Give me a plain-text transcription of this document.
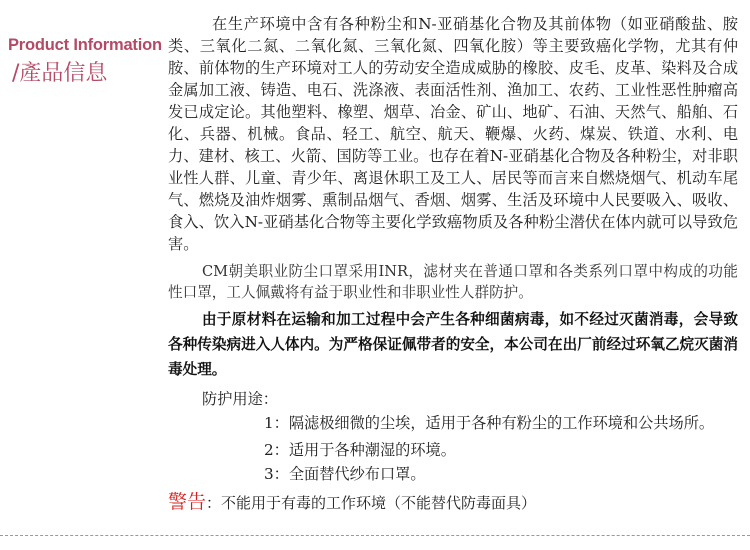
Product Information
/產品信息

在生产环境中含有各种粉尘和N-亚硝基化合物及其前体物（如亚硝酸盐、胺类、三氧化二氮、二氧化氮、三氧化氮、四氧化胺）等主要致癌化学物，尤其有仲胺、前体物的生产环境对工人的劳动安全造成威胁的橡胶、皮毛、皮革、染料及合成金属加工液、铸造、电石、洗涤液、表面活性剂、渔加工、农药、工业性恶性肿瘤高发已成定论。其他塑料、橡塑、烟草、冶金、矿山、地矿、石油、天然气、船舶、石化、兵器、机械。食品、轻工、航空、航天、鞭爆、火药、煤炭、铁道、水利、电力、建材、核工、火箭、国防等工业。也存在着N-亚硝基化合物及各种粉尘，对非职业性人群、儿童、青少年、离退休职工及工人、居民等而言来自燃烧烟气、机动车尾气、燃烧及油炸烟雾、熏制品烟气、香烟、烟雾、生活及环境中人民要吸入、吸收、食入、饮入N-亚硝基化合物等主要化学致癌物质及各种粉尘潜伏在体内就可以导致危害。

CM朝美职业防尘口罩采用INR，滤材夹在普通口罩和各类系列口罩中构成的功能性口罩，工人佩戴将有益于职业性和非职业性人群防护。

由于原材料在运输和加工过程中会产生各种细菌病毒，如不经过灭菌消毒，会导致各种传染病进入人体内。为严格保证佩带者的安全，本公司在出厂前经过环氧乙烷灭菌消毒处理。

防护用途：
1：隔滤极细微的尘埃，适用于各种有粉尘的工作环境和公共场所。
2：适用于各种潮湿的环境。
3：全面替代纱布口罩。
警告：不能用于有毒的工作环境（不能替代防毒面具）
